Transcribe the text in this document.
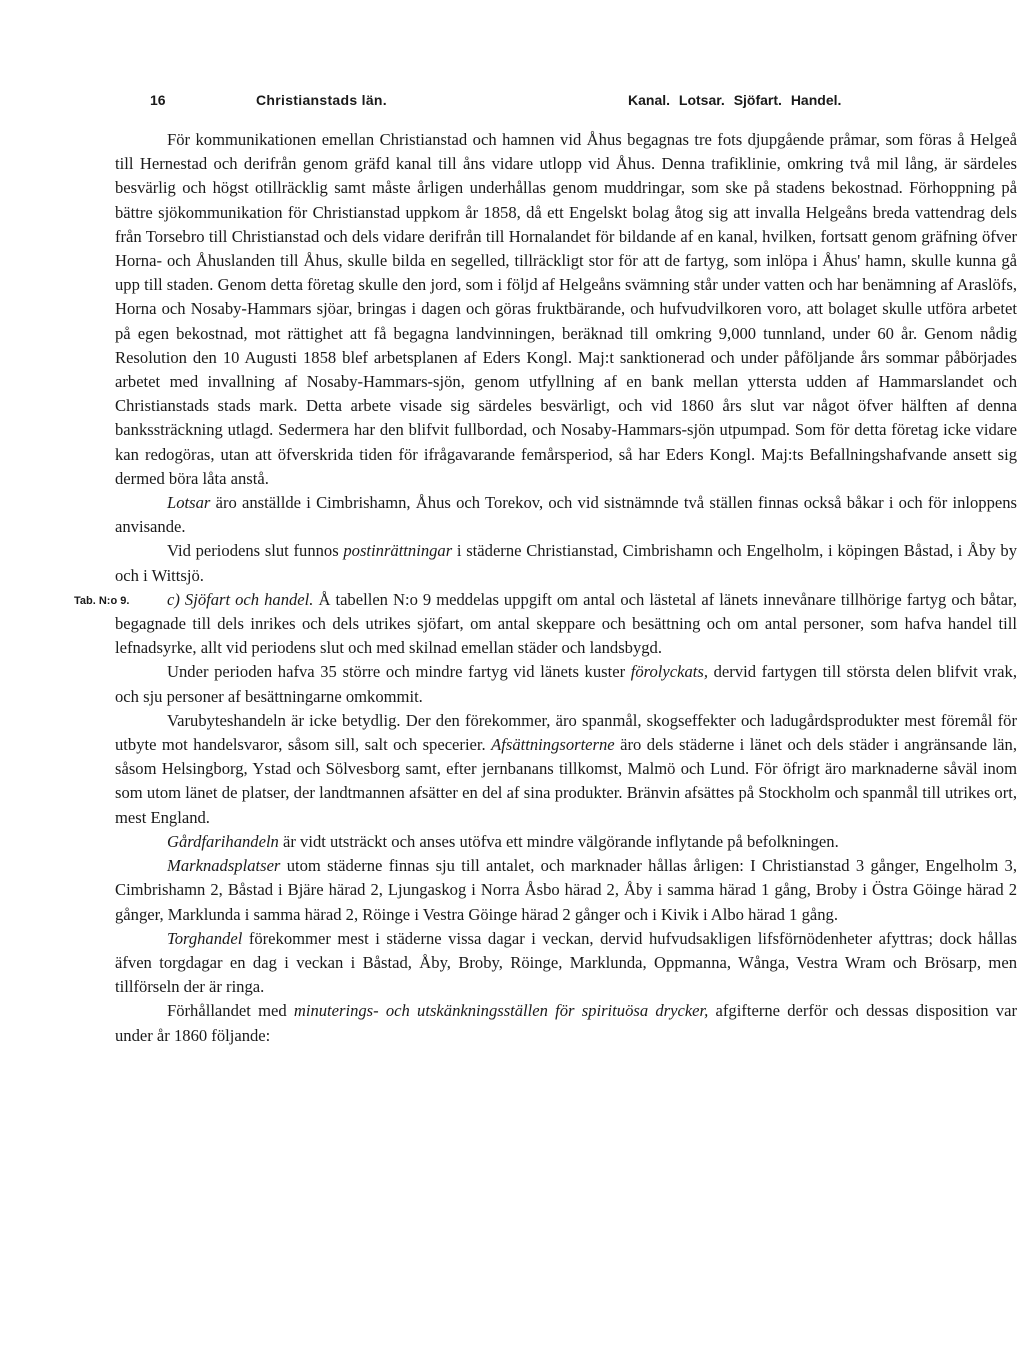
16	Christianstads län.	Kanal. Lotsar. Sjöfart. Handel.

För kommunikationen emellan Christianstad och hamnen vid Åhus begagnas tre fots djupgående pråmar, som föras å Helgeå till Hernestad och derifrån genom gräfd kanal till åns vidare utlopp vid Åhus. Denna trafiklinie, omkring två mil lång, är särdeles besvärlig och högst otillräcklig samt måste årligen underhållas genom muddringar, som ske på stadens bekostnad. Förhoppning på bättre sjökommunikation för Christianstad uppkom år 1858, då ett Engelskt bolag åtog sig att invalla Helgeåns breda vattendrag dels från Torsebro till Christianstad och dels vidare derifrån till Hornalandet för bildande af en kanal, hvilken, fortsatt genom gräfning öfver Horna- och Åhuslanden till Åhus, skulle bilda en segelled, tillräckligt stor för att de fartyg, som inlöpa i Åhus' hamn, skulle kunna gå upp till staden. Genom detta företag skulle den jord, som i följd af Helgeåns svämning står under vatten och har benämning af Araslöfs, Horna och Nosaby-Hammars sjöar, bringas i dagen och göras fruktbärande, och hufvudvilkoren voro, att bolaget skulle utföra arbetet på egen bekostnad, mot rättighet att få begagna landvinningen, beräknad till omkring 9,000 tunnland, under 60 år. Genom nådig Resolution den 10 Augusti 1858 blef arbetsplanen af Eders Kongl. Maj:t sanktionerad och under påföljande års sommar påbörjades arbetet med invallning af Nosaby-Hammars-sjön, genom utfyllning af en bank mellan yttersta udden af Hammarslandet och Christianstads stads mark. Detta arbete visade sig särdeles besvärligt, och vid 1860 års slut var något öfver hälften af denna bankssträckning utlagd. Sedermera har den blifvit fullbordad, och Nosaby-Hammars-sjön utpumpad. Som för detta företag icke vidare kan redogöras, utan att öfverskrida tiden för ifrågavarande femårsperiod, så har Eders Kongl. Maj:ts Befallningshafvande ansett sig dermed böra låta anstå.

Lotsar äro anställde i Cimbrishamn, Åhus och Torekov, och vid sistnämnde två ställen finnas också båkar i och för inloppens anvisande.

Vid periodens slut funnos postinrättningar i städerne Christianstad, Cimbrishamn och Engelholm, i köpingen Båstad, i Åby by och i Wittsjö.

Tab. N:o 9. c) Sjöfart och handel. Å tabellen N:o 9 meddelas uppgift om antal och lästetal af länets innevånare tillhörige fartyg och båtar, begagnade till dels inrikes och dels utrikes sjöfart, om antal skeppare och besättning och om antal personer, som hafva handel till lefnadsyrke, allt vid periodens slut och med skilnad emellan städer och landsbygd.

Under perioden hafva 35 större och mindre fartyg vid länets kuster förolyckats, dervid fartygen till största delen blifvit vrak, och sju personer af besättningarne omkommit.

Varubyteshandeln är icke betydlig. Der den förekommer, äro spanmål, skogseffekter och ladugårdsprodukter mest föremål för utbyte mot handelsvaror, såsom sill, salt och specerier. Afsättningsorterne äro dels städerne i länet och dels städer i angränsande län, såsom Helsingborg, Ystad och Sölvesborg samt, efter jernbanans tillkomst, Malmö och Lund. För öfrigt äro marknaderne såväl inom som utom länet de platser, der landtmannen afsätter en del af sina produkter. Bränvin afsättes på Stockholm och spanmål till utrikes ort, mest England.

Gårdfarihandeln är vidt utsträckt och anses utöfva ett mindre välgörande inflytande på befolkningen.

Marknadsplatser utom städerne finnas sju till antalet, och marknader hållas årligen: I Christianstad 3 gånger, Engelholm 3, Cimbrishamn 2, Båstad i Bjäre härad 2, Ljungaskog i Norra Åsbo härad 2, Åby i samma härad 1 gång, Broby i Östra Göinge härad 2 gånger, Marklunda i samma härad 2, Röinge i Vestra Göinge härad 2 gånger och i Kivik i Albo härad 1 gång.

Torghandel förekommer mest i städerne vissa dagar i veckan, dervid hufvudsakligen lifsförnödenheter afyttras; dock hållas äfven torgdagar en dag i veckan i Båstad, Åby, Broby, Röinge, Marklunda, Oppmanna, Wånga, Vestra Wram och Brösarp, men tillförseln der är ringa.

Förhållandet med minuterings- och utskänkningsställen för spirituösa drycker, afgifterne derför och dessas disposition var under år 1860 följande:
